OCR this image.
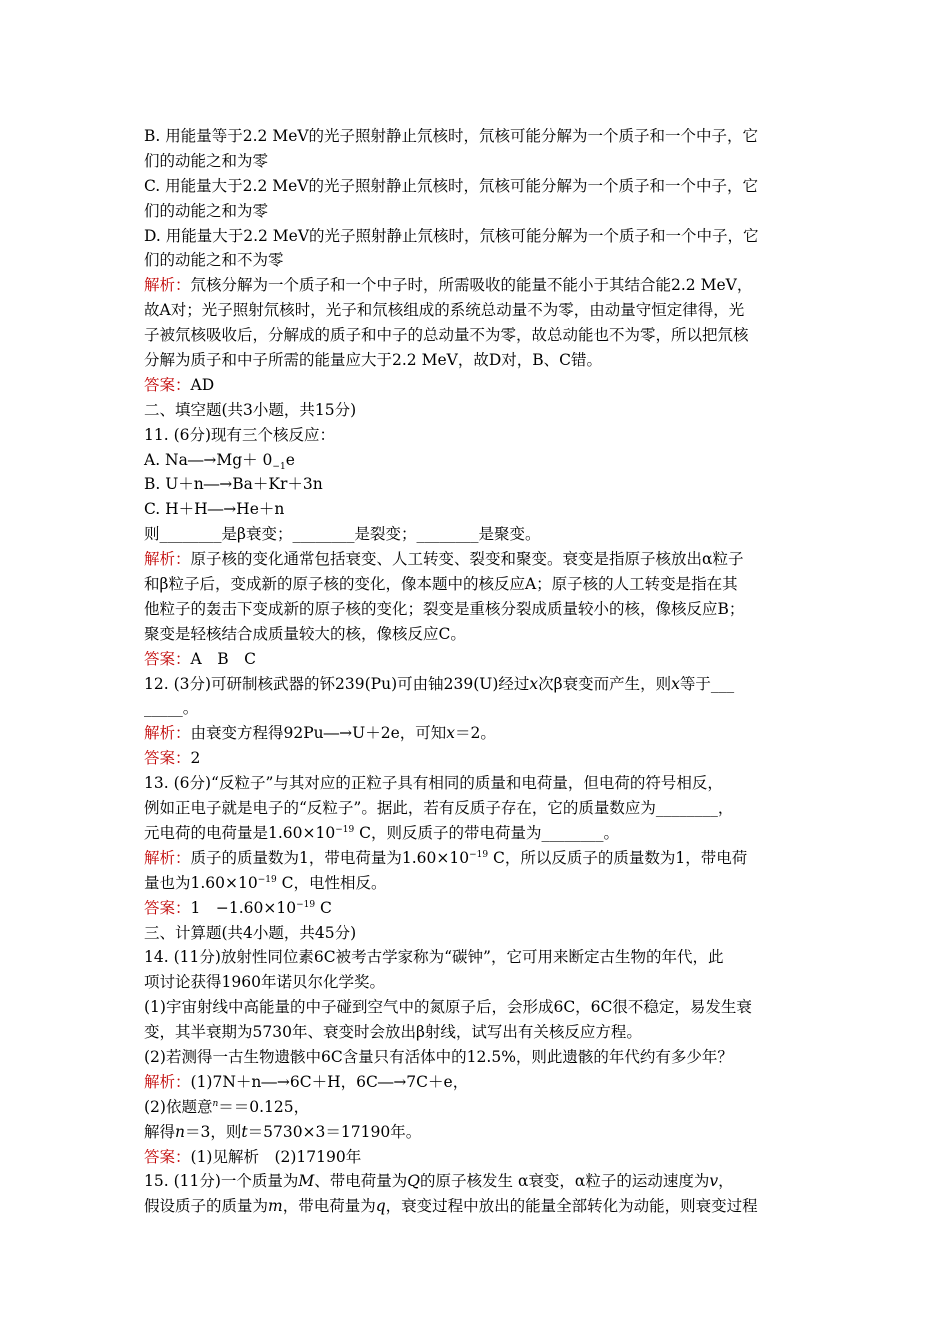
B. 用能量等于2.2 MeV的光子照射静止氘核时，氘核可能分解为一个质子和一个中子，它
们的动能之和为零
C. 用能量大于2.2 MeV的光子照射静止氘核时，氘核可能分解为一个质子和一个中子，它
们的动能之和为零
D. 用能量大于2.2 MeV的光子照射静止氘核时，氘核可能分解为一个质子和一个中子，它
们的动能之和不为零
解析：氘核分解为一个质子和一个中子时，所需吸收的能量不能小于其结合能2.2 MeV，
故A对；光子照射氘核时，光子和氘核组成的系统总动量不为零，由动量守恒定律得，光
子被氘核吸收后，分解成的质子和中子的总动量不为零，故总动能也不为零，所以把氘核
分解为质子和中子所需的能量应大于2.2 MeV，故D对，B、C错。
答案：AD
二、填空题(共3小题，共15分)
11. (6分)现有三个核反应：
A. Na―→Mg＋ $0_{-1}e$
B. U＋n―→Ba＋Kr＋3n
C. H＋H―→He＋n
则________是β衰变；________是裂变；________是聚变。
解析：原子核的变化通常包括衰变、人工转变、裂变和聚变。衰变是指原子核放出α粒子
和β粒子后，变成新的原子核的变化，像本题中的核反应A；原子核的人工转变是指在其
他粒子的轰击下变成新的原子核的变化；裂变是重核分裂成质量较小的核，像核反应B；
聚变是轻核结合成质量较大的核，像核反应C。
答案：A　B　C
12. (3分)可研制核武器的钚239(Pu)可由铀239(U)经过x次β衰变而产生，则x等于___
_____。
解析：由衰变方程得92Pu―→U＋2e，可知x＝2。
答案：2
13. (6分)“反粒子”与其对应的正粒子具有相同的质量和电荷量，但电荷的符号相反，
例如正电子就是电子的“反粒子”。据此，若有反质子存在，它的质量数应为________，
元电荷的电荷量是$1.60\times 10^{-19}$ C，则反质子的带电荷量为________。
解析：质子的质量数为1，带电荷量为$1.60\times 10^{-19}$ C，所以反质子的质量数为1，带电荷
量也为$1.60\times 10^{-19}$ C，电性相反。
答案：1　$-1.60\times 10^{-19}$ C
三、计算题(共4小题，共45分)
14. (11分)放射性同位素6C被考古学家称为“碳钟”，它可用来断定古生物的年代，此
项讨论获得1960年诺贝尔化学奖。
(1)宇宙射线中高能量的中子碰到空气中的氮原子后，会形成6C，6C很不稳定，易发生衰
变，其半衰期为5730年、衰变时会放出β射线，试写出有关核反应方程。
(2)若测得一古生物遗骸中6C含量只有活体中的12.5%，则此遗骸的年代约有多少年？
解析：(1)7N＋n―→6C＋H，6C―→7C＋e，
(2)依题意$^n$＝＝0.125，
解得n＝3，则t＝5730×3＝17190年。
答案：(1)见解析　(2)17190年
15. (11分)一个质量为M、带电荷量为Q的原子核发生 α衰变，α粒子的运动速度为v，
假设质子的质量为m，带电荷量为q，衰变过程中放出的能量全部转化为动能，则衰变过程
